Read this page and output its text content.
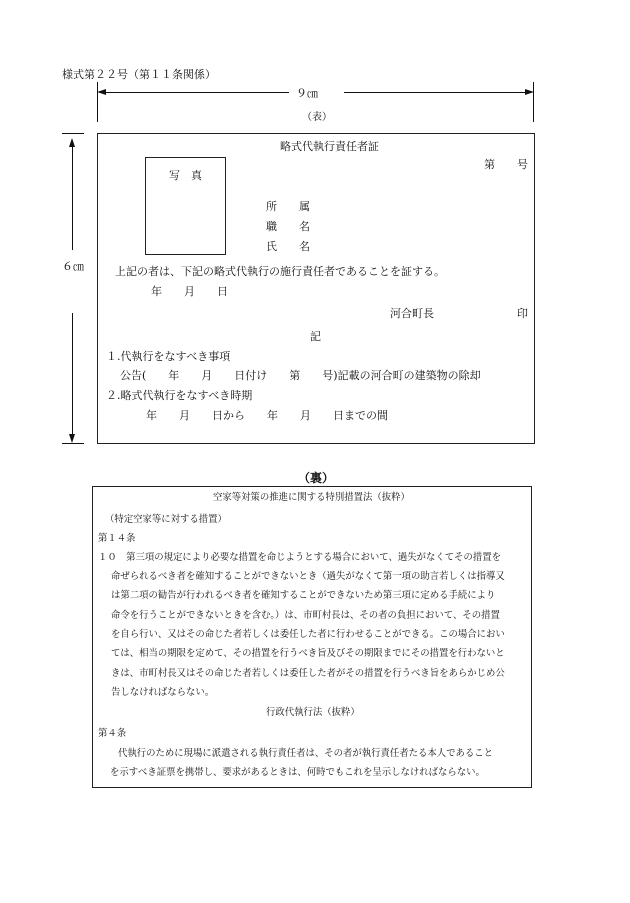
様式第２２号（第１１条関係）
９㎝
（表）
６㎝
略式代執行責任者証
第　　号
写　真
所　　属
職　　名
氏　　名
上記の者は、下記の略式代執行の施行責任者であることを証する。
年　　月　　日
河合町長	印
記
１.代執行をなすべき事項
公告(　　年　　月　　日付け　　第　　号)記載の河合町の建築物の除却
２.略式代執行をなすべき時期
年　　月　　日から　　年　　月　　日までの間
（裏）

空家等対策の推進に関する特別措置法（抜粋）

（特定空家等に対する措置）

第１４条

１０　第三項の規定により必要な措置を命じようとする場合において、過失がなくてその措置を

命ぜられるべき者を確知することができないとき（過失がなくて第一項の助言若しくは指導又

は第二項の勧告が行われるべき者を確知することができないため第三項に定める手続により

命令を行うことができないときを含む。）は、市町村長は、その者の負担において、その措置

を自ら行い、又はその命じた者若しくは委任した者に行わせることができる。この場合におい

ては、相当の期限を定めて、その措置を行うべき旨及びその期限までにその措置を行わないと

きは、市町村長又はその命じた者若しくは委任した者がその措置を行うべき旨をあらかじめ公

告しなければならない。

行政代執行法（抜粋）

第４条

代執行のために現場に派遣される執行責任者は、その者が執行責任者たる本人であること

を示すべき証票を携帯し、要求があるときは、何時でもこれを呈示しなければならない。
